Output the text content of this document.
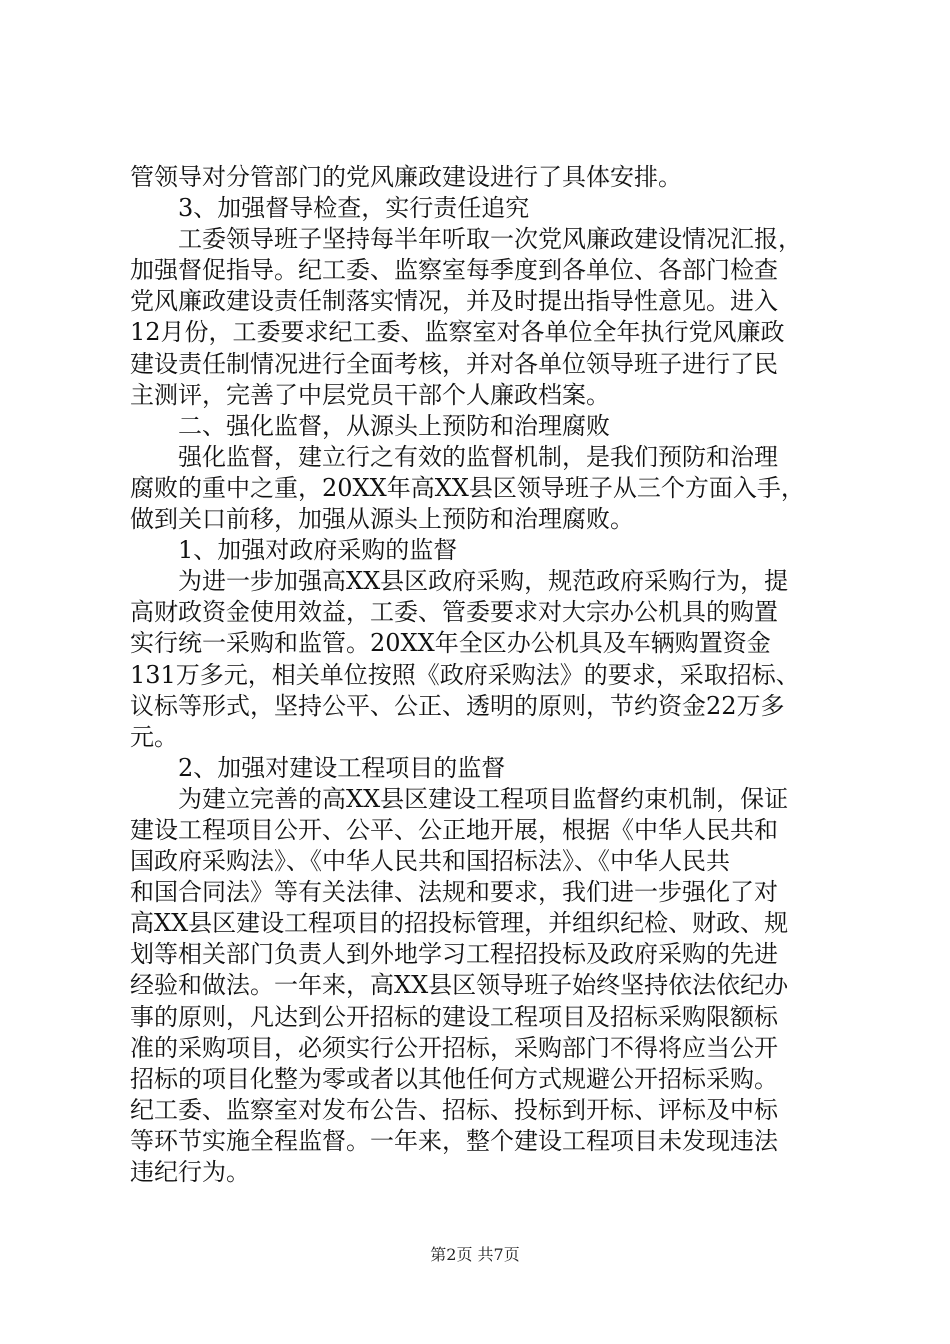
管领导对分管部门的党风廉政建设进行了具体安排。
3、加强督导检查，实行责任追究
工委领导班子坚持每半年听取一次党风廉政建设情况汇报，
加强督促指导。纪工委、监察室每季度到各单位、各部门检查
党风廉政建设责任制落实情况，并及时提出指导性意见。进入
12月份，工委要求纪工委、监察室对各单位全年执行党风廉政
建设责任制情况进行全面考核，并对各单位领导班子进行了民
主测评，完善了中层党员干部个人廉政档案。
二、强化监督，从源头上预防和治理腐败
强化监督，建立行之有效的监督机制，是我们预防和治理
腐败的重中之重，20XX年高XX县区领导班子从三个方面入手，
做到关口前移，加强从源头上预防和治理腐败。
1、加强对政府采购的监督
为进一步加强高XX县区政府采购，规范政府采购行为，提
高财政资金使用效益，工委、管委要求对大宗办公机具的购置
实行统一采购和监管。20XX年全区办公机具及车辆购置资金
131万多元，相关单位按照《政府采购法》的要求，采取招标、
议标等形式，坚持公平、公正、透明的原则，节约资金22万多
元。
2、加强对建设工程项目的监督
为建立完善的高XX县区建设工程项目监督约束机制，保证
建设工程项目公开、公平、公正地开展，根据《中华人民共和
国政府采购法》、《中华人民共和国招标法》、《中华人民共
和国合同法》等有关法律、法规和要求，我们进一步强化了对
高XX县区建设工程项目的招投标管理，并组织纪检、财政、规
划等相关部门负责人到外地学习工程招投标及政府采购的先进
经验和做法。一年来，高XX县区领导班子始终坚持依法依纪办
事的原则，凡达到公开招标的建设工程项目及招标采购限额标
准的采购项目，必须实行公开招标，采购部门不得将应当公开
招标的项目化整为零或者以其他任何方式规避公开招标采购。
纪工委、监察室对发布公告、招标、投标到开标、评标及中标
等环节实施全程监督。一年来，整个建设工程项目未发现违法
违纪行为。
第2页 共7页
